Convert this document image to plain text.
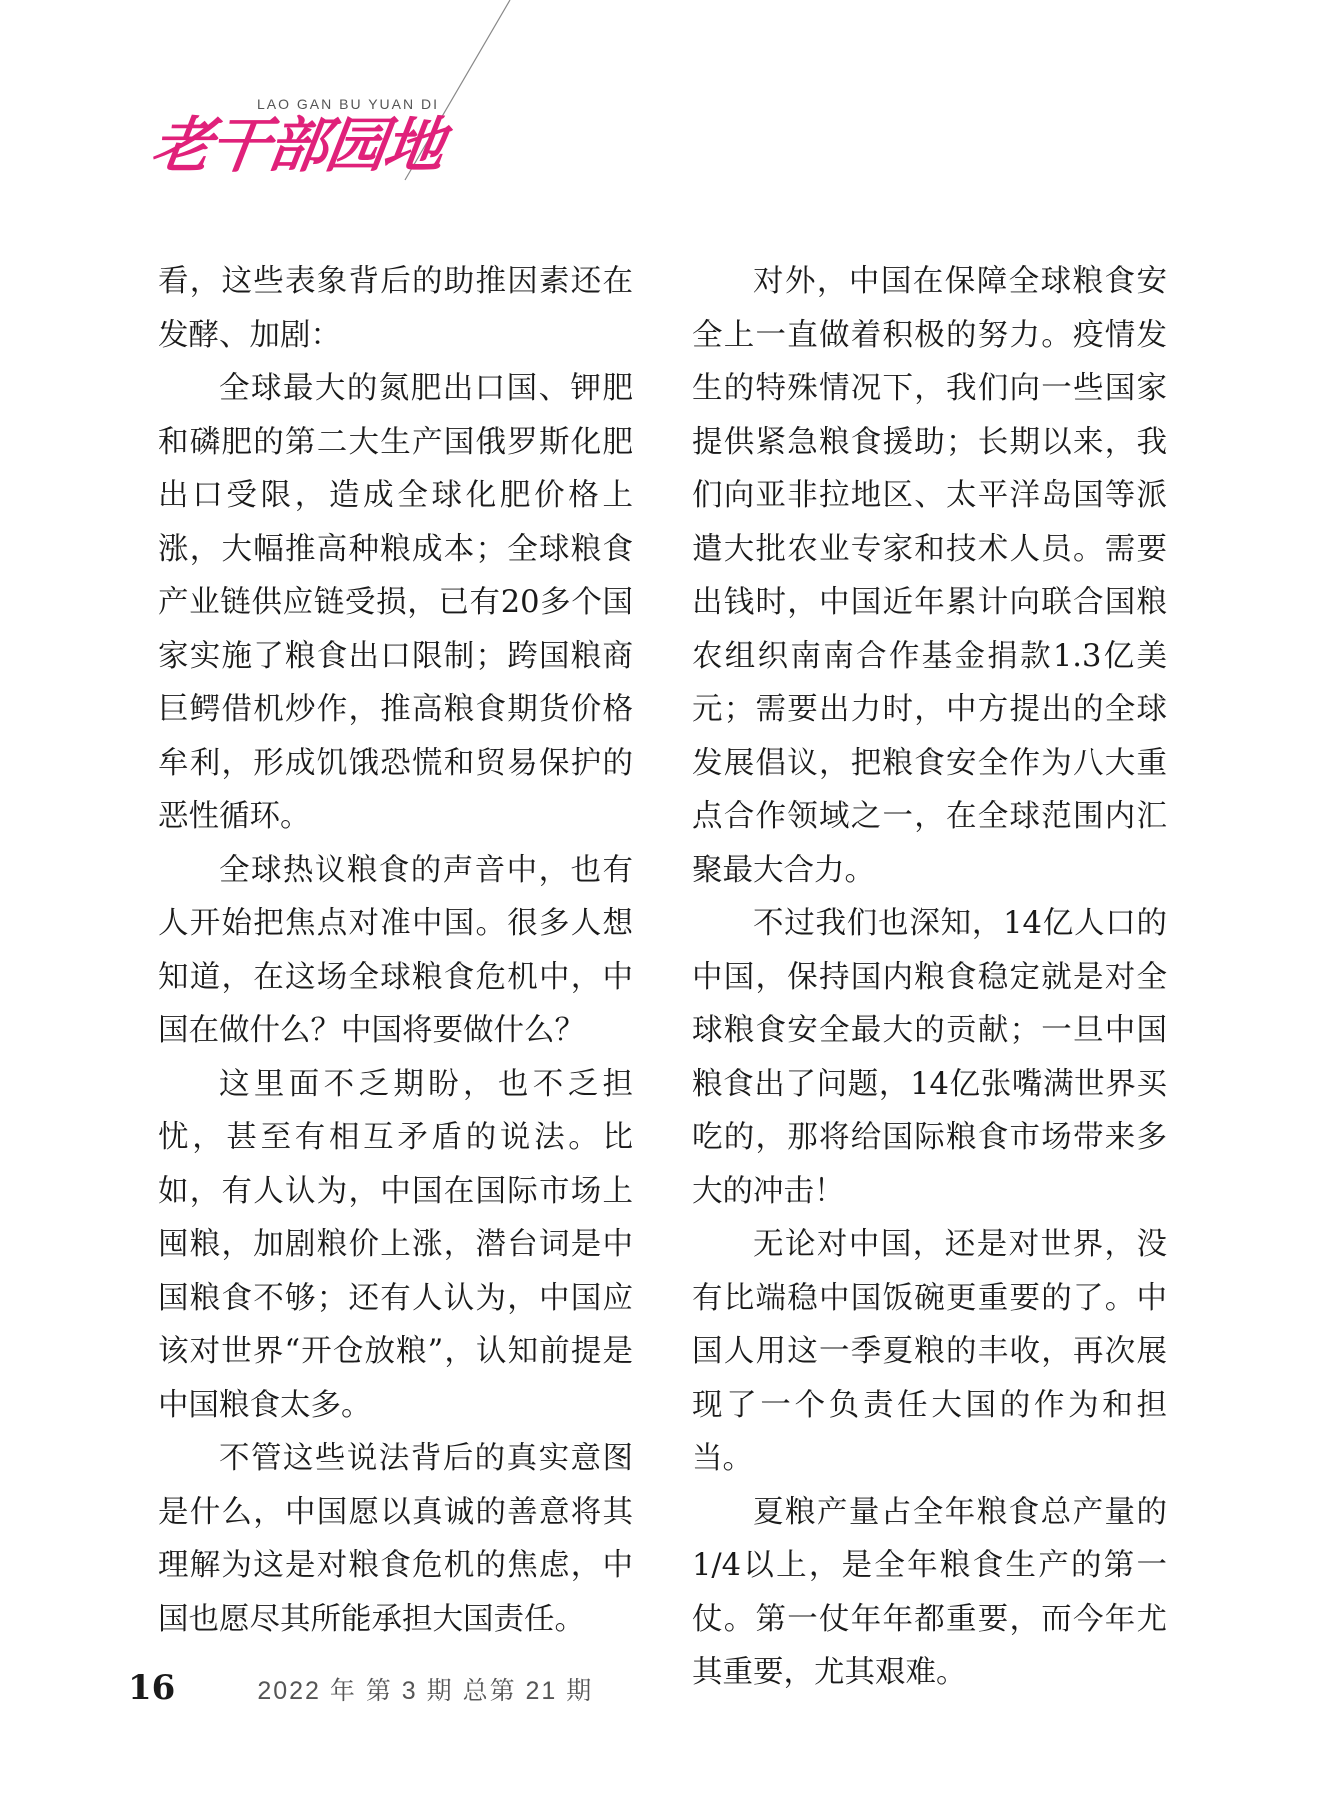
LAO GAN BU YUAN DI
老干部园地

看，这些表象背后的助推因素还在发酵、加剧：

全球最大的氮肥出口国、钾肥和磷肥的第二大生产国俄罗斯化肥出口受限，造成全球化肥价格上涨，大幅推高种粮成本；全球粮食产业链供应链受损，已有20多个国家实施了粮食出口限制；跨国粮商巨鳄借机炒作，推高粮食期货价格牟利，形成饥饿恐慌和贸易保护的恶性循环。

全球热议粮食的声音中，也有人开始把焦点对准中国。很多人想知道，在这场全球粮食危机中，中国在做什么？中国将要做什么？

这里面不乏期盼，也不乏担忧，甚至有相互矛盾的说法。比如，有人认为，中国在国际市场上囤粮，加剧粮价上涨，潜台词是中国粮食不够；还有人认为，中国应该对世界“开仓放粮”，认知前提是中国粮食太多。

不管这些说法背后的真实意图是什么，中国愿以真诚的善意将其理解为这是对粮食危机的焦虑，中国也愿尽其所能承担大国责任。

对外，中国在保障全球粮食安全上一直做着积极的努力。疫情发生的特殊情况下，我们向一些国家提供紧急粮食援助；长期以来，我们向亚非拉地区、太平洋岛国等派遣大批农业专家和技术人员。需要出钱时，中国近年累计向联合国粮农组织南南合作基金捐款1.3亿美元；需要出力时，中方提出的全球发展倡议，把粮食安全作为八大重点合作领域之一，在全球范围内汇聚最大合力。

不过我们也深知，14亿人口的中国，保持国内粮食稳定就是对全球粮食安全最大的贡献；一旦中国粮食出了问题，14亿张嘴满世界买吃的，那将给国际粮食市场带来多大的冲击！

无论对中国，还是对世界，没有比端稳中国饭碗更重要的了。中国人用这一季夏粮的丰收，再次展现了一个负责任大国的作为和担当。

夏粮产量占全年粮食总产量的1/4以上，是全年粮食生产的第一仗。第一仗年年都重要，而今年尤其重要，尤其艰难。

16	2022 年 第 3 期 总第 21 期
